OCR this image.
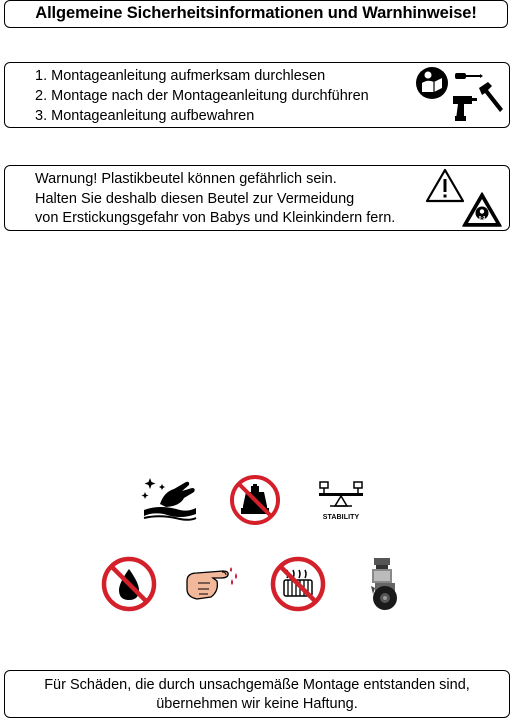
Allgemeine Sicherheitsinformationen und Warnhinweise!
1. Montageanleitung aufmerksam durchlesen
2. Montage nach der Montageanleitung durchführen
3. Montageanleitung aufbewahren
Warnung! Plastikbeutel können gefährlich sein.
Halten Sie deshalb diesen Beutel zur Vermeidung
von Erstickungsgefahr von Babys und Kleinkindern fern.	0-3
STABILITY
Für Schäden, die durch unsachgemäße Montage entstanden sind,
übernehmen wir keine Haftung.
